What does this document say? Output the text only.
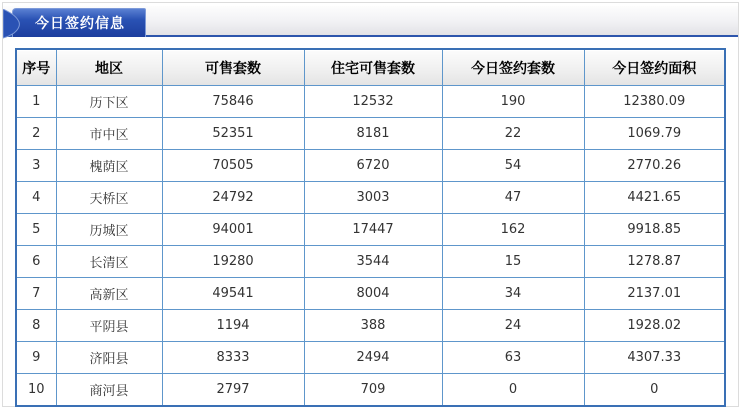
今日签约信息
序号	地区	可售套数	住宅可售套数	今日签约套数	今日签约面积
1	历下区	75846	12532	190	12380.09
2	市中区	52351	8181	22	1069.79
3	槐荫区	70505	6720	54	2770.26
4	天桥区	24792	3003	47	4421.65
5	历城区	94001	17447	162	9918.85
6	长清区	19280	3544	15	1278.87
7	高新区	49541	8004	34	2137.01
8	平阴县	1194	388	24	1928.02
9	济阳县	8333	2494	63	4307.33
10	商河县	2797	709	0	0
